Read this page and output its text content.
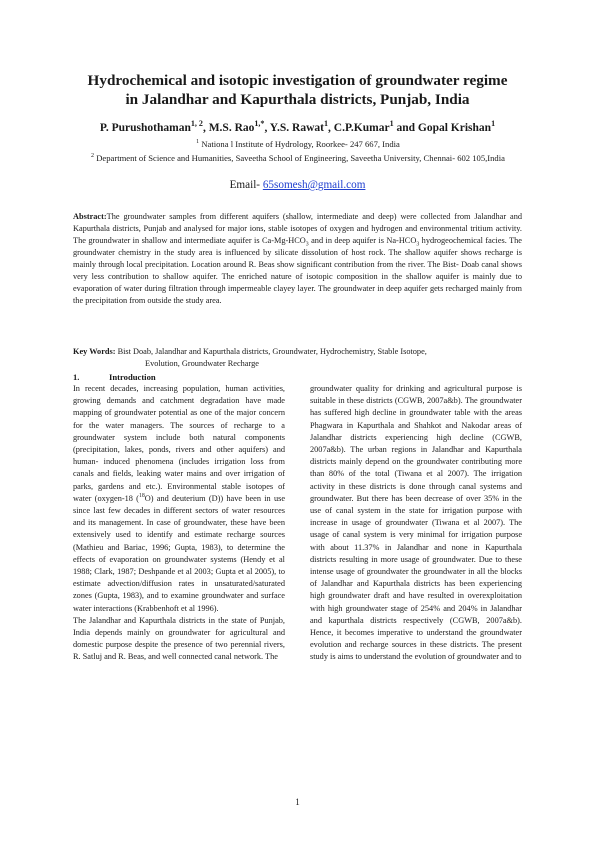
Hydrochemical and isotopic investigation of groundwater regime
in Jalandhar and Kapurthala districts, Punjab, India
P. Purushothaman$^{1, 2}$, M.S. Rao$^{1,*}$, Y.S. Rawat$^1$, C.P.Kumar$^1$ and Gopal Krishan$^1$
$^1$ Nationa l Institute of Hydrology, Roorkee- 247 667, India
$^2$ Department of Science and Humanities, Saveetha School of Engineering, Saveetha University, Chennai- 602 105,India
Email- 65somesh@gmail.com
Abstract:The groundwater samples from different aquifers (shallow, intermediate and deep) were collected from Jalandhar and Kapurthala districts, Punjab and analysed for major ions, stable isotopes of oxygen and hydrogen and environmental tritium activity. The groundwater in shallow and intermediate aquifer is $Ca-Mg-HCO_3$ and in deep aquifer is $Na-HCO_3$ hydrogeochemical facies. The groundwater chemistry in the study area is influenced by silicate dissolution of host rock. The shallow aquifer shows recharge is mainly through local precipitation. Location around R. Beas show significant contribution from the river. The Bist- Doab canal shows very less contribution to shallow aquifer. The enriched nature of isotopic composition in the shallow aquifer is mainly due to evaporation of water during filtration through impermeable clayey layer. The groundwater in deep aquifer gets recharged mainly from the precipitation from outside the study area.
Key Words: Bist Doab, Jalandhar and Kapurthala districts, Groundwater, Hydrochemistry, Stable Isotope,
Evolution, Groundwater Recharge
1.	Introduction

In recent decades, increasing population, human activities, growing demands and catchment degradation have made mapping of groundwater potential as one of the major concern for the water managers. The sources of recharge to a groundwater system include both natural components (precipitation, lakes, ponds, rivers and other aquifers) and human- induced phenomena (includes irrigation loss from canals and fields, leaking water mains and over irrigation of parks, gardens and etc.). Environmental stable isotopes of water (oxygen-18 ($^{18}$O) and deuterium (D)) have been in use since last few decades in different sectors of water resources and its management. In case of groundwater, these have been extensively used to identify and estimate recharge sources (Mathieu and Bariac, 1996; Gupta, 1983), to determine the effects of evaporation on groundwater systems (Hendy et al 1988; Clark, 1987; Deshpande et al 2003; Gupta et al 2005), to estimate advection/diffusion rates in unsaturated/saturated zones (Gupta, 1983), and to examine groundwater and surface water interactions (Krabbenhoft et al 1996).

The Jalandhar and Kapurthala districts in the state of Punjab, India depends mainly on groundwater for agricultural and domestic purpose despite the presence of two perennial rivers, R. Satluj and R. Beas, and well connected canal network. The

groundwater quality for drinking and agricultural purpose is suitable in these districts (CGWB, 2007a&b). The groundwater has suffered high decline in groundwater table with the areas Phagwara in Kapurthala and Shahkot and Nakodar areas of Jalandhar districts experiencing high decline (CGWB, 2007a&b). The urban regions in Jalandhar and Kapurthala districts mainly depend on the groundwater contributing more than 80% of the total (Tiwana et al 2007). The irrigation activity in these districts is done through canal systems and groundwater. But there has been decrease of over 35% in the use of canal system in the state for irrigation purpose with increase in usage of groundwater (Tiwana et al 2007). The usage of canal system is very minimal for irrigation purpose with about 11.37% in Jalandhar and none in Kapurthala districts resulting in more usage of groundwater. Due to these intense usage of groundwater the groundwater in all the blocks of Jalandhar and Kapurthala districts has been experiencing high groundwater draft and have resulted in overexploitation with high groundwater stage of 254% and 204% in Jalandhar and kapurthala districts respectively (CGWB, 2007a&b). Hence, it becomes imperative to understand the groundwater evolution and recharge sources in these districts. The present study is aims to understand the evolution of groundwater and to

1
